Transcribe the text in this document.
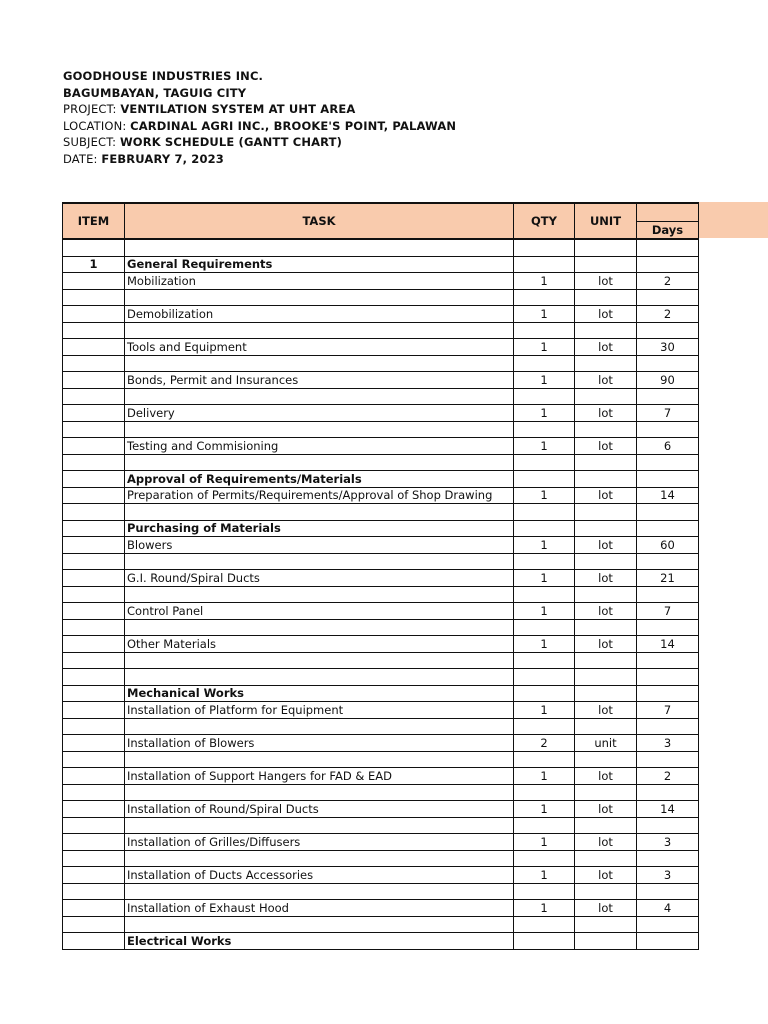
GOODHOUSE INDUSTRIES INC.
BAGUMBAYAN, TAGUIG CITY
PROJECT: VENTILATION SYSTEM AT UHT AREA
LOCATION: CARDINAL AGRI INC., BROOKE'S POINT, PALAWAN
SUBJECT: WORK SCHEDULE (GANTT CHART)
DATE: FEBRUARY 7, 2023
ITEM	TASK	QTY	UNIT	Days

1	General Requirements			
	Mobilization	1	lot	2

	Demobilization	1	lot	2

	Tools and Equipment	1	lot	30

	Bonds, Permit and Insurances	1	lot	90

	Delivery	1	lot	7

	Testing and Commisioning	1	lot	6

	Approval of Requirements/Materials			
	Preparation of Permits/Requirements/Approval of Shop Drawing	1	lot	14

	Purchasing of Materials			
	Blowers	1	lot	60

	G.I. Round/Spiral Ducts	1	lot	21

	Control Panel	1	lot	7

	Other Materials	1	lot	14

	Mechanical Works			
	Installation of Platform for Equipment	1	lot	7

	Installation of Blowers	2	unit	3

	Installation of Support Hangers for FAD & EAD	1	lot	2

	Installation of Round/Spiral Ducts	1	lot	14

	Installation of Grilles/Diffusers	1	lot	3

	Installation of Ducts Accessories	1	lot	3

	Installation of Exhaust Hood	1	lot	4

	Electrical Works			
